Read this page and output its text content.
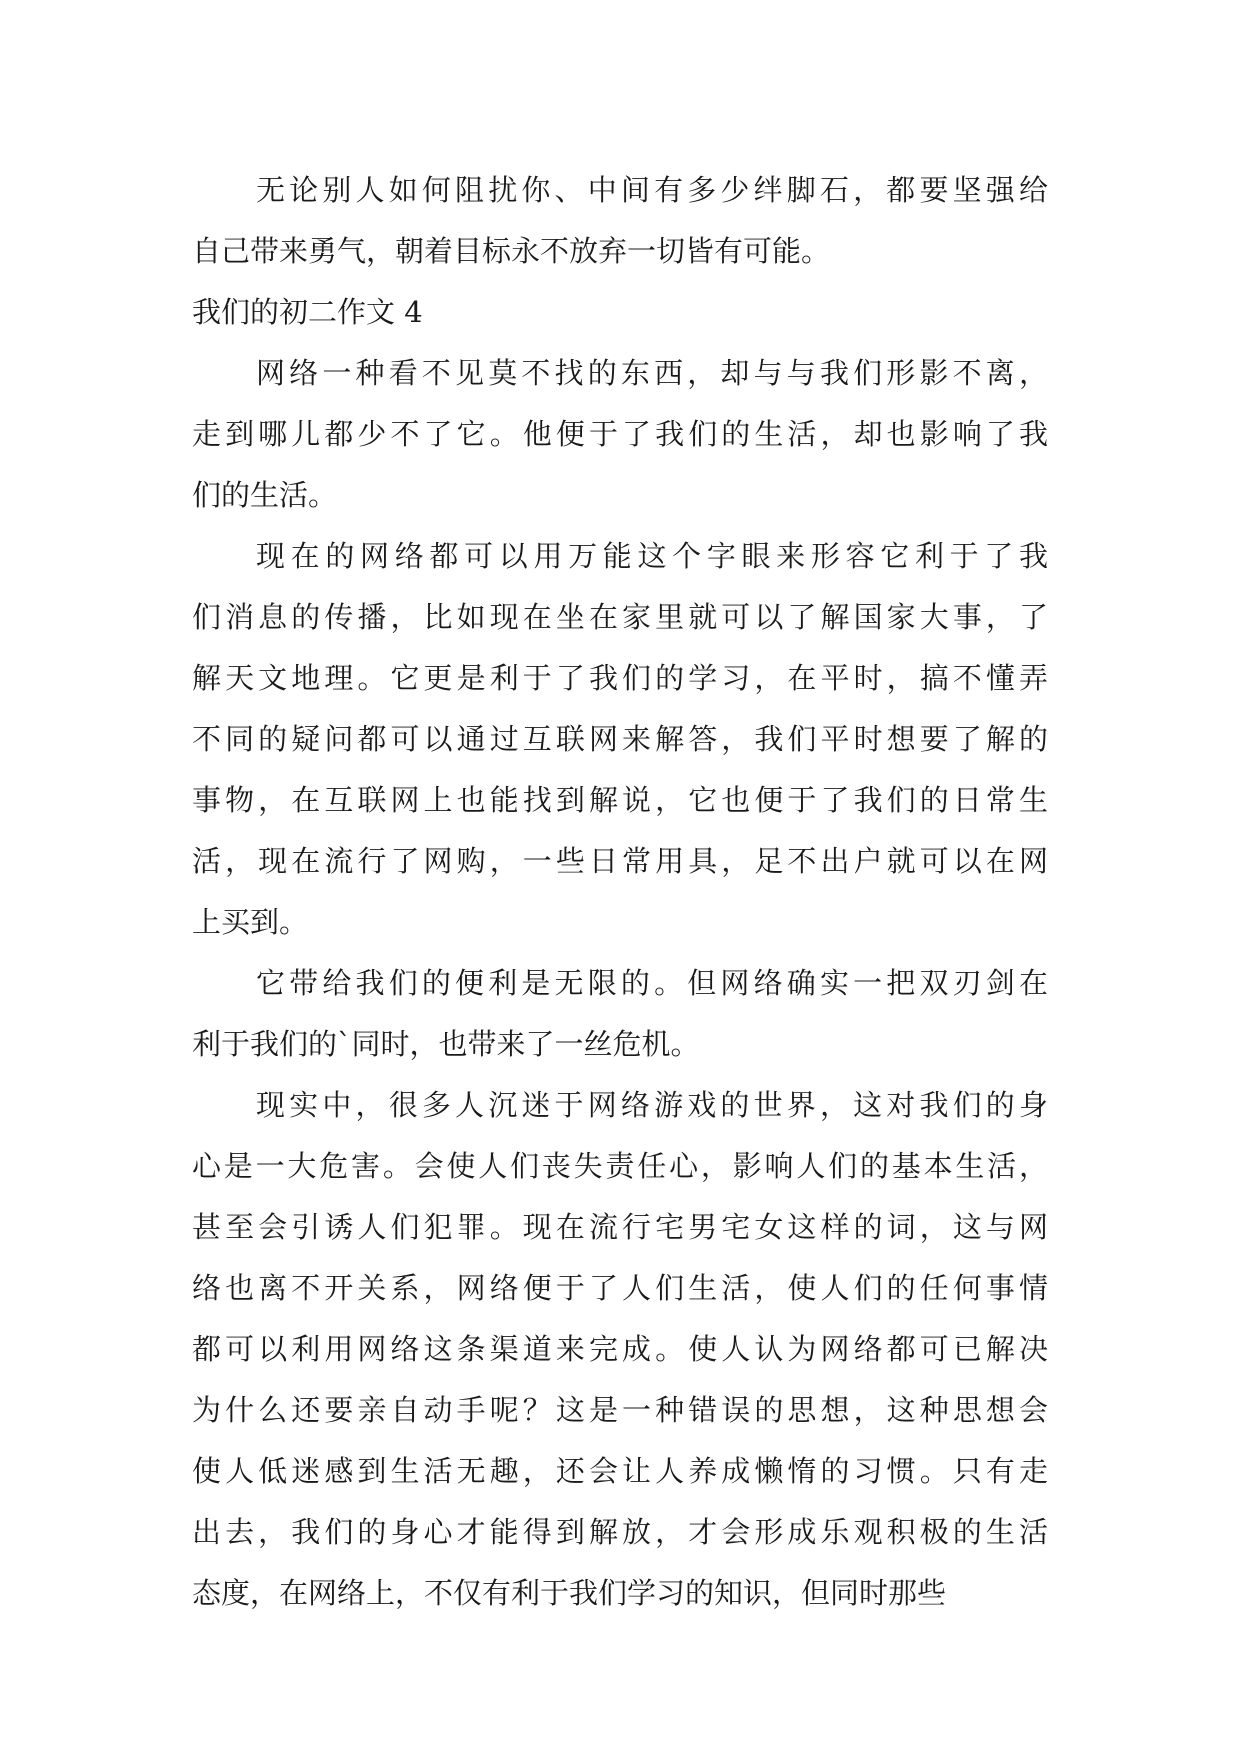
无论别人如何阻扰你、中间有多少绊脚石，都要坚强给
自己带来勇气，朝着目标永不放弃一切皆有可能。
我们的初二作文 4
网络一种看不见莫不找的东西，却与与我们形影不离，
走到哪儿都少不了它。他便于了我们的生活，却也影响了我
们的生活。
现在的网络都可以用万能这个字眼来形容它利于了我
们消息的传播，比如现在坐在家里就可以了解国家大事，了
解天文地理。它更是利于了我们的学习，在平时，搞不懂弄
不同的疑问都可以通过互联网来解答，我们平时想要了解的
事物，在互联网上也能找到解说，它也便于了我们的日常生
活，现在流行了网购，一些日常用具，足不出户就可以在网
上买到。
它带给我们的便利是无限的。但网络确实一把双刃剑在
利于我们的`同时，也带来了一丝危机。
现实中，很多人沉迷于网络游戏的世界，这对我们的身
心是一大危害。会使人们丧失责任心，影响人们的基本生活，
甚至会引诱人们犯罪。现在流行宅男宅女这样的词，这与网
络也离不开关系，网络便于了人们生活，使人们的任何事情
都可以利用网络这条渠道来完成。使人认为网络都可已解决
为什么还要亲自动手呢？这是一种错误的思想，这种思想会
使人低迷感到生活无趣，还会让人养成懒惰的习惯。只有走
出去，我们的身心才能得到解放，才会形成乐观积极的生活
态度，在网络上，不仅有利于我们学习的知识，但同时那些
